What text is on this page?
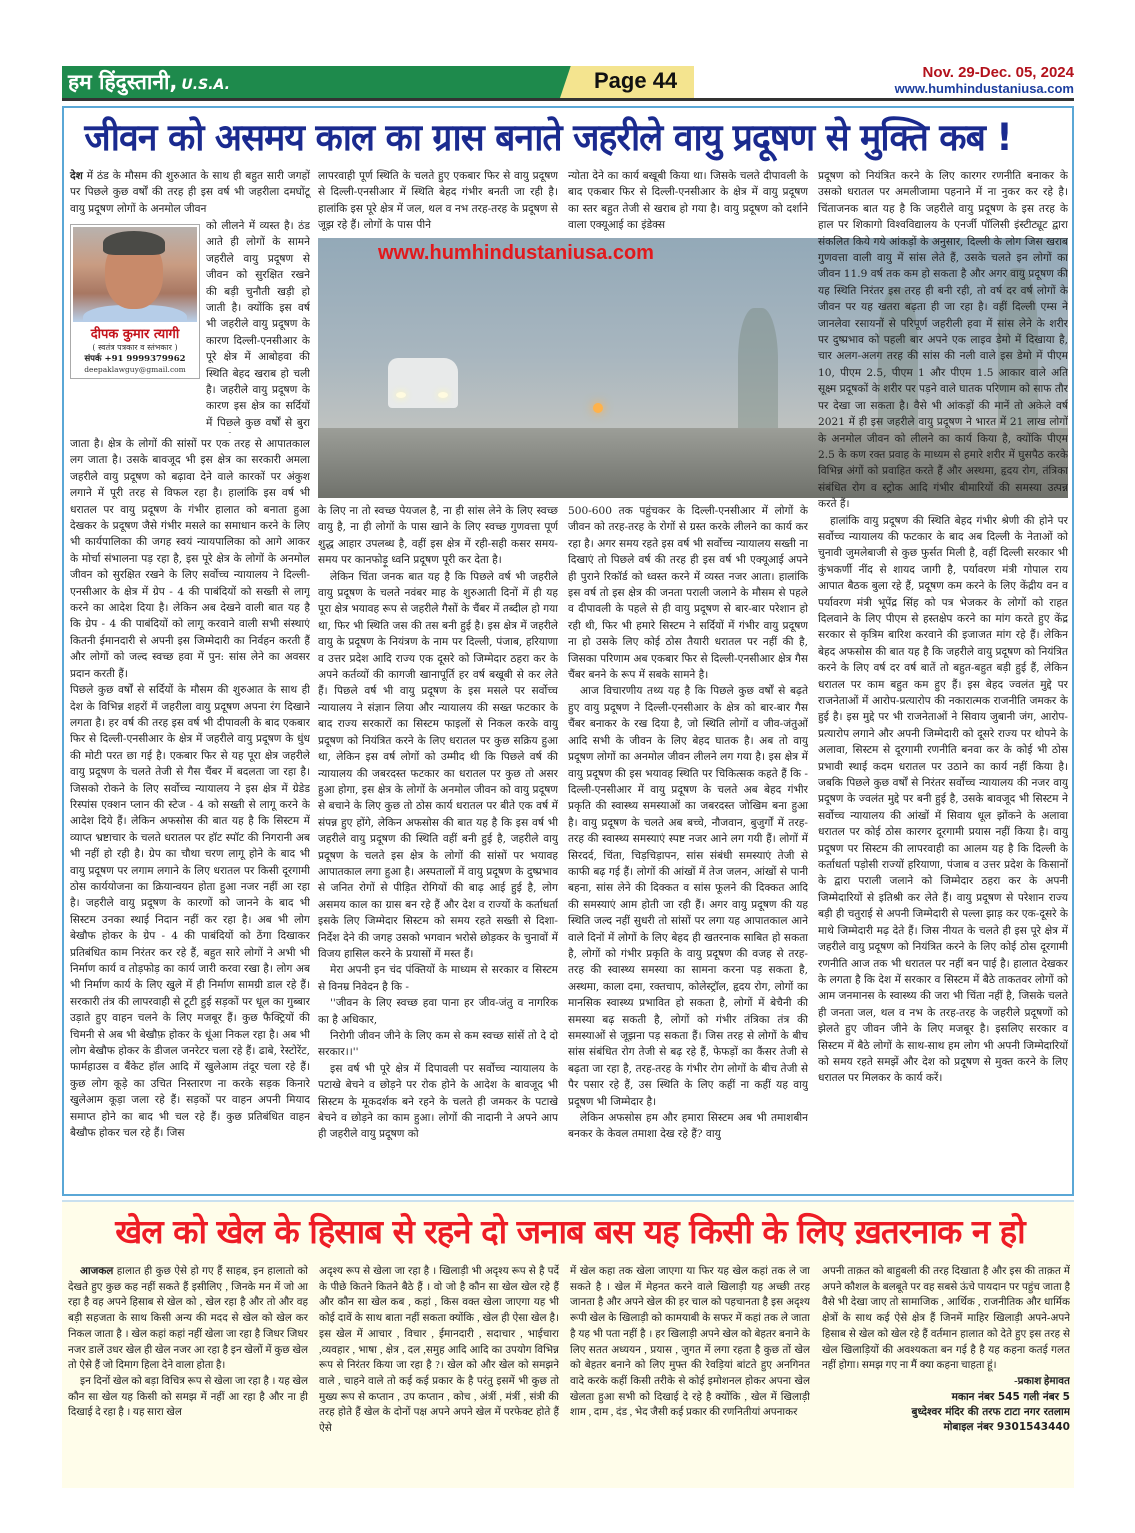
हम हिंदुस्तानी, U.S.A.	Page 44	Nov. 29-Dec. 05, 2024
www.humhindustaniusa.com
जीवन को असमय काल का ग्रास बनाते जहरीले वायु प्रदूषण से मुक्ति कब !
देश में ठंड के मौसम की शुरुआत के साथ ही बहुत सारी जगहों पर पिछले कुछ वर्षों की तरह ही इस वर्ष भी जहरीला दमघोंटू वायु प्रदूषण लोगों के अनमोल जीवन
दीपक कुमार त्यागी
( स्वतंत्र पत्रकार व स्तंभकार )
संपर्क +91 9999379962
deepaklawguy@gmail.com
को लीलने में व्यस्त है। ठंड आते ही लोगों के सामने जहरीले वायु प्रदूषण से जीवन को सुरक्षित रखने की बड़ी चुनौती खड़ी हो जाती है। क्योंकि इस वर्ष भी जहरीले वायु प्रदूषण के कारण दिल्ली-एनसीआर के पूरे क्षेत्र में आबोहवा की स्थिति बेहद खराब हो चली है। जहरीले वायु प्रदूषण के कारण इस क्षेत्र का सर्दियों में पिछले कुछ वर्षों से बुरा

जाता है। क्षेत्र के लोगों की सांसों पर एक तरह से आपातकाल लग जाता है। उसके बावजूद भी इस क्षेत्र का सरकारी अमला जहरीले वायु प्रदूषण को बढ़ावा देने वाले कारकों पर अंकुश लगाने में पूरी तरह से विफल रहा है। हालांकि इस वर्ष भी धरातल पर वायु प्रदूषण के गंभीर हालात को बनाता हुआ देखकर के प्रदूषण जैसे गंभीर मसले का समाधान करने के लिए भी कार्यपालिका की जगह स्वयं न्यायपालिका को आगे आकर के मोर्चा संभालना पड़ रहा है, इस पूरे क्षेत्र के लोगों के अनमोल जीवन को सुरक्षित रखने के लिए सर्वोच्च न्यायालय ने दिल्ली-एनसीआर के क्षेत्र में ग्रेप - 4 की पाबंदियों को सख्ती से लागू करने का आदेश दिया है। लेकिन अब देखने वाली बात यह है कि ग्रेप - 4 की पाबंदियों को लागू करवाने वाली सभी संस्थाएं कितनी ईमानदारी से अपनी इस जिम्मेदारी का निर्वहन करती हैं और लोगों को जल्द स्वच्छ हवा में पुन: सांस लेने का अवसर प्रदान करती हैं।

पिछले कुछ वर्षों से सर्दियों के मौसम की शुरुआत के साथ ही देश के विभिन्न शहरों में जहरीला वायु प्रदूषण अपना रंग दिखाने लगता है। हर वर्ष की तरह इस वर्ष भी दीपावली के बाद एकबार फिर से दिल्ली-एनसीआर के क्षेत्र में जहरीले वायु प्रदूषण के धुंध की मोटी परत छा गई है। एकबार फिर से यह पूरा क्षेत्र जहरीले वायु प्रदूषण के चलते तेजी से गैस चैंबर में बदलता जा रहा है। जिसको रोकने के लिए सर्वोच्च न्यायालय ने इस क्षेत्र में ग्रेडेड रिस्पांस एक्शन प्लान की स्टेज - 4 को सख्ती से लागू करने के आदेश दिये हैं। लेकिन अफसोस की बात यह है कि सिस्टम में व्याप्त भ्रष्टाचार के चलते धरातल पर हॉट स्पॉट की निगरानी अब भी नहीं हो रही है। ग्रेप का चौथा चरण लागू होने के बाद भी वायु प्रदूषण पर लगाम लगाने के लिए धरातल पर किसी दूरगामी ठोस कार्ययोजना का क्रियान्वयन होता हुआ नजर नहीं आ रहा है। जहरीले वायु प्रदूषण के कारणों को जानने के बाद भी सिस्टम उनका स्थाई निदान नहीं कर रहा है। अब भी लोग बेखौफ होकर के ग्रेप - 4 की पाबंदियों को ठेंगा दिखाकर प्रतिबंधित काम निरंतर कर रहे हैं, बहुत सारे लोगों ने अभी भी निर्माण कार्य व तोड़फोड़ का कार्य जारी करवा रखा है। लोग अब भी निर्माण कार्य के लिए खुले में ही निर्माण सामग्री डाल रहे हैं। सरकारी तंत्र की लापरवाही से टूटी हुई सड़कों पर धूल का गुब्बार उड़ाते हुए वाहन चलने के लिए मजबूर हैं। कुछ फैक्ट्रियों की चिमनी से अब भी बेखौफ़ होकर के धूंआ निकल रहा है। अब भी लोग बेखौफ होकर के डीजल जनरेटर चला रहे हैं। ढाबे, रेस्टोरेंट, फार्महाउस व बैंकेट हॉल आदि में खुलेआम तंदूर चला रहे हैं। कुछ लोग कूड़े का उचित निस्तारण ना करके सड़क किनारे खुलेआम कूड़ा जला रहे हैं। सड़कों पर वाहन अपनी मियाद समाप्त होने का बाद भी चल रहे हैं। कुछ प्रतिबंधित वाहन बैखौफ होकर चल रहे हैं। जिस

लापरवाही पूर्ण स्थिति के चलते हुए एकबार फिर से वायु प्रदूषण से दिल्ली-एनसीआर में स्थिति बेहद गंभीर बनती जा रही है। हालांकि इस पूरे क्षेत्र में जल, थल व नभ तरह-तरह के प्रदूषण से जूझ रहे हैं। लोगों के पास पीने
न्योता देने का कार्य बखूबी किया था। जिसके चलते दीपावली के बाद एकबार फिर से दिल्ली-एनसीआर के क्षेत्र में वायु प्रदूषण का स्तर बहुत तेजी से खराब हो गया है। वायु प्रदूषण को दर्शाने वाला एक्यूआई का इंडेक्स
www.humhindustaniusa.com

के लिए ना तो स्वच्छ पेयजल है, ना ही सांस लेने के लिए स्वच्छ वायु है, ना ही लोगों के पास खाने के लिए स्वच्छ गुणवत्ता पूर्ण शुद्ध आहार उपलब्ध है, वहीं इस क्षेत्र में रही-सही कसर समय-समय पर कानफोड़ू ध्वनि प्रदूषण पूरी कर देता है।

लेकिन चिंता जनक बात यह है कि पिछले वर्ष भी जहरीले वायु प्रदूषण के चलते नवंबर माह के शुरुआती दिनों में ही यह पूरा क्षेत्र भयावह रूप से जहरीले गैसों के चैंबर में तब्दील हो गया था, फिर भी स्थिति जस की तस बनी हुई है। इस क्षेत्र में जहरीले वायु के प्रदूषण के नियंत्रण के नाम पर दिल्ली, पंजाब, हरियाणा व उत्तर प्रदेश आदि राज्य एक दूसरे को जिम्मेदार ठहरा कर के अपने कर्तव्यों की कागजी खानापूर्ति हर वर्ष बखूबी से कर लेते हैं। पिछले वर्ष भी वायु प्रदूषण के इस मसले पर सर्वोच्च न्यायालय ने संज्ञान लिया और न्यायालय की सख्त फटकार के बाद राज्य सरकारों का सिस्टम फाइलों से निकल करके वायु प्रदूषण को नियंत्रित करने के लिए धरातल पर कुछ सक्रिय हुआ था, लेकिन इस वर्ष लोगों को उम्मीद थी कि पिछले वर्ष की न्यायालय की जबरदस्त फटकार का धरातल पर कुछ तो असर हुआ होगा, इस क्षेत्र के लोगों के अनमोल जीवन को वायु प्रदूषण से बचाने के लिए कुछ तो ठोस कार्य धरातल पर बीते एक वर्ष में संपन्न हुए होंगे, लेकिन अफसोस की बात यह है कि इस वर्ष भी जहरीले वायु प्रदूषण की स्थिति वहीं बनी हुई है, जहरीले वायु प्रदूषण के चलते इस क्षेत्र के लोगों की सांसों पर भयावह आपातकाल लगा हुआ है। अस्पतालों में वायु प्रदूषण के दुष्प्रभाव से जनित रोगों से पीड़ित रोगियों की बाढ़ आई हुई है, लोग असमय काल का ग्रास बन रहे हैं और देश व राज्यों के कर्ताधर्ता इसके लिए जिम्मेदार सिस्टम को समय रहते सख्ती से दिशा-निर्देश देने की जगह उसको भगवान भरोसे छोड़कर के चुनावों में विजय हासिल करने के प्रयासों में मस्त हैं।

मेरा अपनी इन चंद पंक्तियों के माध्यम से सरकार व सिस्टम से विनम्र निवेदन है कि -

''जीवन के लिए स्वच्छ हवा पाना हर जीव-जंतु व नागरिक का है अधिकार,

निरोगी जीवन जीने के लिए कम से कम स्वच्छ सांसें तो दे दो सरकार।।''

इस वर्ष भी पूरे क्षेत्र में दिपावली पर सर्वोच्च न्यायालय के पटाखे बेचने व छोड़ने पर रोक होने के आदेश के बावजूद भी सिस्टम के मूकदर्शक बने रहने के चलते ही जमकर के पटाखे बेचने व छोड़ने का काम हुआ। लोगों की नादानी ने अपने आप ही जहरीले वायु प्रदूषण को

500-600 तक पहुंचकर के दिल्ली-एनसीआर में लोगों के जीवन को तरह-तरह के रोगों से ग्रस्त करके लीलने का कार्य कर रहा है। अगर समय रहते इस वर्ष भी सर्वोच्च न्यायालय सख्ती ना दिखाएं तो पिछले वर्ष की तरह ही इस वर्ष भी एक्यूआई अपने ही पुराने रिकॉर्ड को ध्वस्त करने में व्यस्त नजर आता। हालांकि इस वर्ष तो इस क्षेत्र की जनता पराली जलाने के मौसम से पहले व दीपावली के पहले से ही वायु प्रदूषण से बार-बार परेशान हो रही थी, फिर भी हमारे सिस्टम ने सर्दियों में गंभीर वायु प्रदूषण ना हो उसके लिए कोई ठोस तैयारी धरातल पर नहीं की है, जिसका परिणाम अब एकबार फिर से दिल्ली-एनसीआर क्षेत्र गैस चैंबर बनने के रूप में सबके सामने है।

आज विचारणीय तथ्य यह है कि पिछले कुछ वर्षों से बढ़ते हुए वायु प्रदूषण ने दिल्ली-एनसीआर के क्षेत्र को बार-बार गैस चैंबर बनाकर के रख दिया है, जो स्थिति लोगों व जीव-जंतुओं आदि सभी के जीवन के लिए बेहद घातक है। अब तो वायु प्रदूषण लोगों का अनमोल जीवन लीलने लग गया है। इस क्षेत्र में वायु प्रदूषण की इस भयावह स्थिति पर चिकित्सक कहते हैं कि - दिल्ली-एनसीआर में वायु प्रदूषण के चलते अब बेहद गंभीर प्रकृति की स्वास्थ्य समस्याओं का जबरदस्त जोखिम बना हुआ है। वायु प्रदूषण के चलते अब बच्चे, नौजवान, बुजुर्गों में तरह-तरह की स्वास्थ्य समस्याएं स्पष्ट नजर आने लग गयी हैं। लोगों में सिरदर्द, चिंता, चिड़चिड़ापन, सांस संबंधी समस्याएं तेजी से काफी बढ़ गई हैं। लोगों की आंखों में तेज जलन, आंखों से पानी बहना, सांस लेने की दिक्कत व सांस फूलने की दिक्कत आदि की समस्याएं आम होती जा रही हैं। अगर वायु प्रदूषण की यह स्थिति जल्द नहीं सुधरी तो सांसों पर लगा यह आपातकाल आने वाले दिनों में लोगों के लिए बेहद ही खतरनाक साबित हो सकता है, लोगों को गंभीर प्रकृति के वायु प्रदूषण की वजह से तरह-तरह की स्वास्थ्य समस्या का सामना करना पड़ सकता है, अस्थमा, काला दमा, रक्तचाप, कोलेस्ट्रॉल, हृदय रोग, लोगों का मानसिक स्वास्थ्य प्रभावित हो सकता है, लोगों में बेचैनी की समस्या बढ़ सकती है, लोगों को गंभीर तंत्रिका तंत्र की समस्याओं से जूझना पड़ सकता हैं। जिस तरह से लोगों के बीच सांस संबंधित रोग तेजी से बढ़ रहे हैं, फेफड़ों का कैंसर तेजी से बढ़ता जा रहा है, तरह-तरह के गंभीर रोग लोगों के बीच तेजी से पैर पसार रहे हैं, उस स्थिति के लिए कहीं ना कहीं यह वायु प्रदूषण भी जिम्मेदार है।

लेकिन अफसोस हम और हमारा सिस्टम अब भी तमाशबीन बनकर के केवल तमाशा देख रहे हैं? वायु

प्रदूषण को नियंत्रित करने के लिए कारगर रणनीति बनाकर के उसको धरातल पर अमलीजामा पहनाने में ना नुकर कर रहे है। चिंताजनक बात यह है कि जहरीले वायु प्रदूषण के इस तरह के हाल पर शिकागो विश्वविद्यालय के एनर्जी पॉलिसी इंस्टीट्यूट द्वारा संकलित किये गये आंकड़ों के अनुसार, दिल्ली के लोग जिस खराब गुणवत्ता वाली वायु में सांस लेते हैं, उसके चलते इन लोगों का जीवन 11.9 वर्ष तक कम हो सकता है और अगर वायु प्रदूषण की यह स्थिति निरंतर इस तरह ही बनी रही, तो वर्ष दर वर्ष लोगों के जीवन पर यह खतरा बढ़ता ही जा रहा है। वहीं दिल्ली एम्स ने जानलेवा रसायनों से परिपूर्ण जहरीली हवा में सांस लेने के शरीर पर दुष्प्रभाव को पहली बार अपने एक लाइव डेमो में दिखाया है, चार अलग-अलग तरह की सांस की नली वाले इस डेमो में पीएम 10, पीएम 2.5, पीएम 1 और पीएम 1.5 आकार वाले अति सूक्ष्म प्रदूषकों के शरीर पर पड़ने वाले घातक परिणाम को साफ तौर पर देखा जा सकता है। वैसे भी आंकड़ों की मानें तो अकेले वर्ष 2021 में ही इस जहरीले वायु प्रदूषण ने भारत में 21 लाख लोगों के अनमोल जीवन को लीलने का कार्य किया है, क्योंकि पीएम 2.5 के कण रक्त प्रवाह के माध्यम से हमारे शरीर में घुसपैठ करके विभिन्न अंगों को प्रवाहित करते हैं और अस्थमा, हृदय रोग, तंत्रिका संबंधित रोग व स्ट्रोक आदि गंभीर बीमारियों की समस्या उत्पन्न करते हैं।

हालांकि वायु प्रदूषण की स्थिति बेहद गंभीर श्रेणी की होने पर सर्वोच्च न्यायालय की फटकार के बाद अब दिल्ली के नेताओं को चुनावी जुमलेबाजी से कुछ फुर्सत मिली है, वहीं दिल्ली सरकार भी कुंभकर्णी नींद से शायद जागी है, पर्यावरण मंत्री गोपाल राय आपात बैठक बुला रहे हैं, प्रदूषण कम करने के लिए केंद्रीय वन व पर्यावरण मंत्री भूपेंद्र सिंह को पत्र भेजकर के लोगों को राहत दिलवाने के लिए पीएम से हस्तक्षेप करने का मांग करते हुए केंद्र सरकार से कृत्रिम बारिश करवाने की इजाजत मांग रहे हैं। लेकिन बेहद अफसोस की बात यह है कि जहरीले वायु प्रदूषण को नियंत्रित करने के लिए वर्ष दर वर्ष बातें तो बहुत-बहुत बड़ी हुई हैं, लेकिन धरातल पर काम बहुत कम हुए हैं। इस बेहद ज्वलंत मुद्दे पर राजनेताओं में आरोप-प्रत्यारोप की नकारात्मक राजनीति जमकर के हुई है। इस मुद्दे पर भी राजनेताओं ने सिवाय जुबानी जंग, आरोप-प्रत्यारोप लगाने और अपनी जिम्मेदारी को दूसरे राज्य पर थोपने के अलावा, सिस्टम से दूरगामी रणनीति बनवा कर के कोई भी ठोस प्रभावी स्थाई कदम धरातल पर उठाने का कार्य नहीं किया है। जबकि पिछले कुछ वर्षों से निरंतर सर्वोच्च न्यायालय की नजर वायु प्रदूषण के ज्वलंत मुद्दे पर बनी हुई है, उसके बावजूद भी सिस्टम ने सर्वोच्च न्यायालय की आंखों में सिवाय धूल झोंकने के अलावा धरातल पर कोई ठोस कारगर दूरगामी प्रयास नहीं किया है। वायु प्रदूषण पर सिस्टम की लापरवाही का आलम यह है कि दिल्ली के कर्ताधर्ता पड़ोसी राज्यों हरियाणा, पंजाब व उत्तर प्रदेश के किसानों के द्वारा पराली जलाने को जिम्मेदार ठहरा कर के अपनी जिम्मेदारियों से इतिश्री कर लेते हैं। वायु प्रदूषण से परेशान राज्य बड़ी ही चतुराई से अपनी जिम्मेदारी से पल्ला झाड़ कर एक-दूसरे के माथे जिम्मेदारी मढ़ देते हैं। जिस नीयत के चलते ही इस पूरे क्षेत्र में जहरीले वायु प्रदूषण को नियंत्रित करने के लिए कोई ठोस दूरगामी रणनीति आज तक भी धरातल पर नहीं बन पाई है। हालात देखकर के लगता है कि देश में सरकार व सिस्टम में बैठे ताकतवर लोगों को आम जनमानस के स्वास्थ्य की जरा भी चिंता नहीं है, जिसके चलते ही जनता जल, थल व नभ के तरह-तरह के जहरीले प्रदूषणों को झेलते हुए जीवन जीने के लिए मजबूर है। इसलिए सरकार व सिस्टम में बैठे लोगों के साथ-साथ हम लोग भी अपनी जिम्मेदारियों को समय रहते समझें और देश को प्रदूषण से मुक्त करने के लिए धरातल पर मिलकर के कार्य करें।

खेल को खेल के हिसाब से रहने दो जनाब बस यह किसी के लिए ख़तरनाक न हो

आजकल हालात ही कुछ ऐसे हो गए हैं साहब, इन हालातो को देखते हुए कुछ कह नहीं सकते हैं इसीलिए , जिनके मन में जो आ रहा है वह अपने हिसाब से खेल को , खेल रहा है और तो और वह बड़ी सहजता के साथ किसी अन्य की मदद से खेल को खेल कर निकल जाता है । खेल कहां कहां नहीं खेला जा रहा है जिधर जिधर नजर डालें उधर खेल ही खेल नजर आ रहा है इन खेलों में कुछ खेल तो ऐसे हैं जो दिमाग हिला देने वाला होता है।

इन दिनों खेल को बड़ा विचित्र रूप से खेला जा रहा है । यह खेल कौन सा खेल यह किसी को समझ में नहीं आ रहा है और ना ही दिखाई दे रहा है । यह सारा खेल

अदृश्य रूप से खेला जा रहा है । खिलाड़ी भी अदृश्य रूप से है पर्दे के पीछे कितने कितने बैठे हैं । वो जो है कौन सा खेल खेल रहे हैं और कौन सा खेल कब , कहां , किस वक्त खेला जाएगा यह भी कोई दावें के साथ बाता नहीं सकता क्योंकि , खेल ही ऐसा खेल है। इस खेल में आचार , विचार , ईमानदारी , सदाचार , भाईचारा ,व्यवहार , भाषा , क्षेत्र , दल ,समुह आदि आदि का उपयोग विभिन्न रूप से निरंतर किया जा रहा है ?। खेल को और खेल को समझने वाले , चाहने वाले तो कई कई प्रकार के है परंतु इसमें भी कुछ तो मुख्य रूप से कप्तान , उप कप्तान , कोच , अंत्रीं , मंत्रीं , संत्री की तरह होते हैं खेल के दोनों पक्ष अपने अपने खेल में परफेक्ट होते हैं ऐसे
में खेल कहा तक खेला जाएगा या फिर यह खेल कहां तक ले जा सकते है । खेल में मेहनत करने वाले खिलाड़ी यह अच्छी तरह जानता है और अपने खेल की हर चाल को पहचानता है इस अदृश्य रूपी खेल के खिलाड़ी को कामयाबी के सफर में कहां तक ले जाता है यह भी पता नहीं है । हर खिलाड़ी अपने खेल को बेहतर बनाने के लिए सतत अध्ययन , प्रयास , जुगत में लगा रहता है कुछ तों खेल को बेहतर बनाने को लिए मुफ्त की रेवड़ियां बांटते हुए अनगिनत वादे करके कहीं किसी तरीके से कोई इमोशनल होकर अपना खेल खेलता हुआ सभी को दिखाई दे रहे है क्योंकि , खेल में खिलाड़ी शाम , दाम , दंड , भेद जैसी कई प्रकार की रणनितीयां अपनाकर
अपनी ताक़त को बाहुबली की तरह दिखाता है और इस की ताक़त में अपने कौशल के बलबूते पर वह सबसे ऊंचे पायदान पर पहुंच जाता है वैसे भी देखा जाए तो सामाजिक , आर्थिक , राजनीतिक और धार्मिक क्षेत्रों के साथ कई ऐसे क्षेत्र हैं जिनमें माहिर खिलाड़ी अपने-अपने हिसाब से खेल को खेल रहे हैं वर्तमान हालात को देते हुए इस तरह से खेल खिलाड़ियों की अवश्यकता बन गई है है यह कहना कतई गलत नहीं होगा। समझ गए ना मैं क्या कहना चाहता हूं।
-प्रकाश हेमावत
मकान नंबर 545 गली नंबर 5
बुध्देश्वर मंदिर की तरफ टाटा नगर रतलाम
मोबाइल नंबर 9301543440
